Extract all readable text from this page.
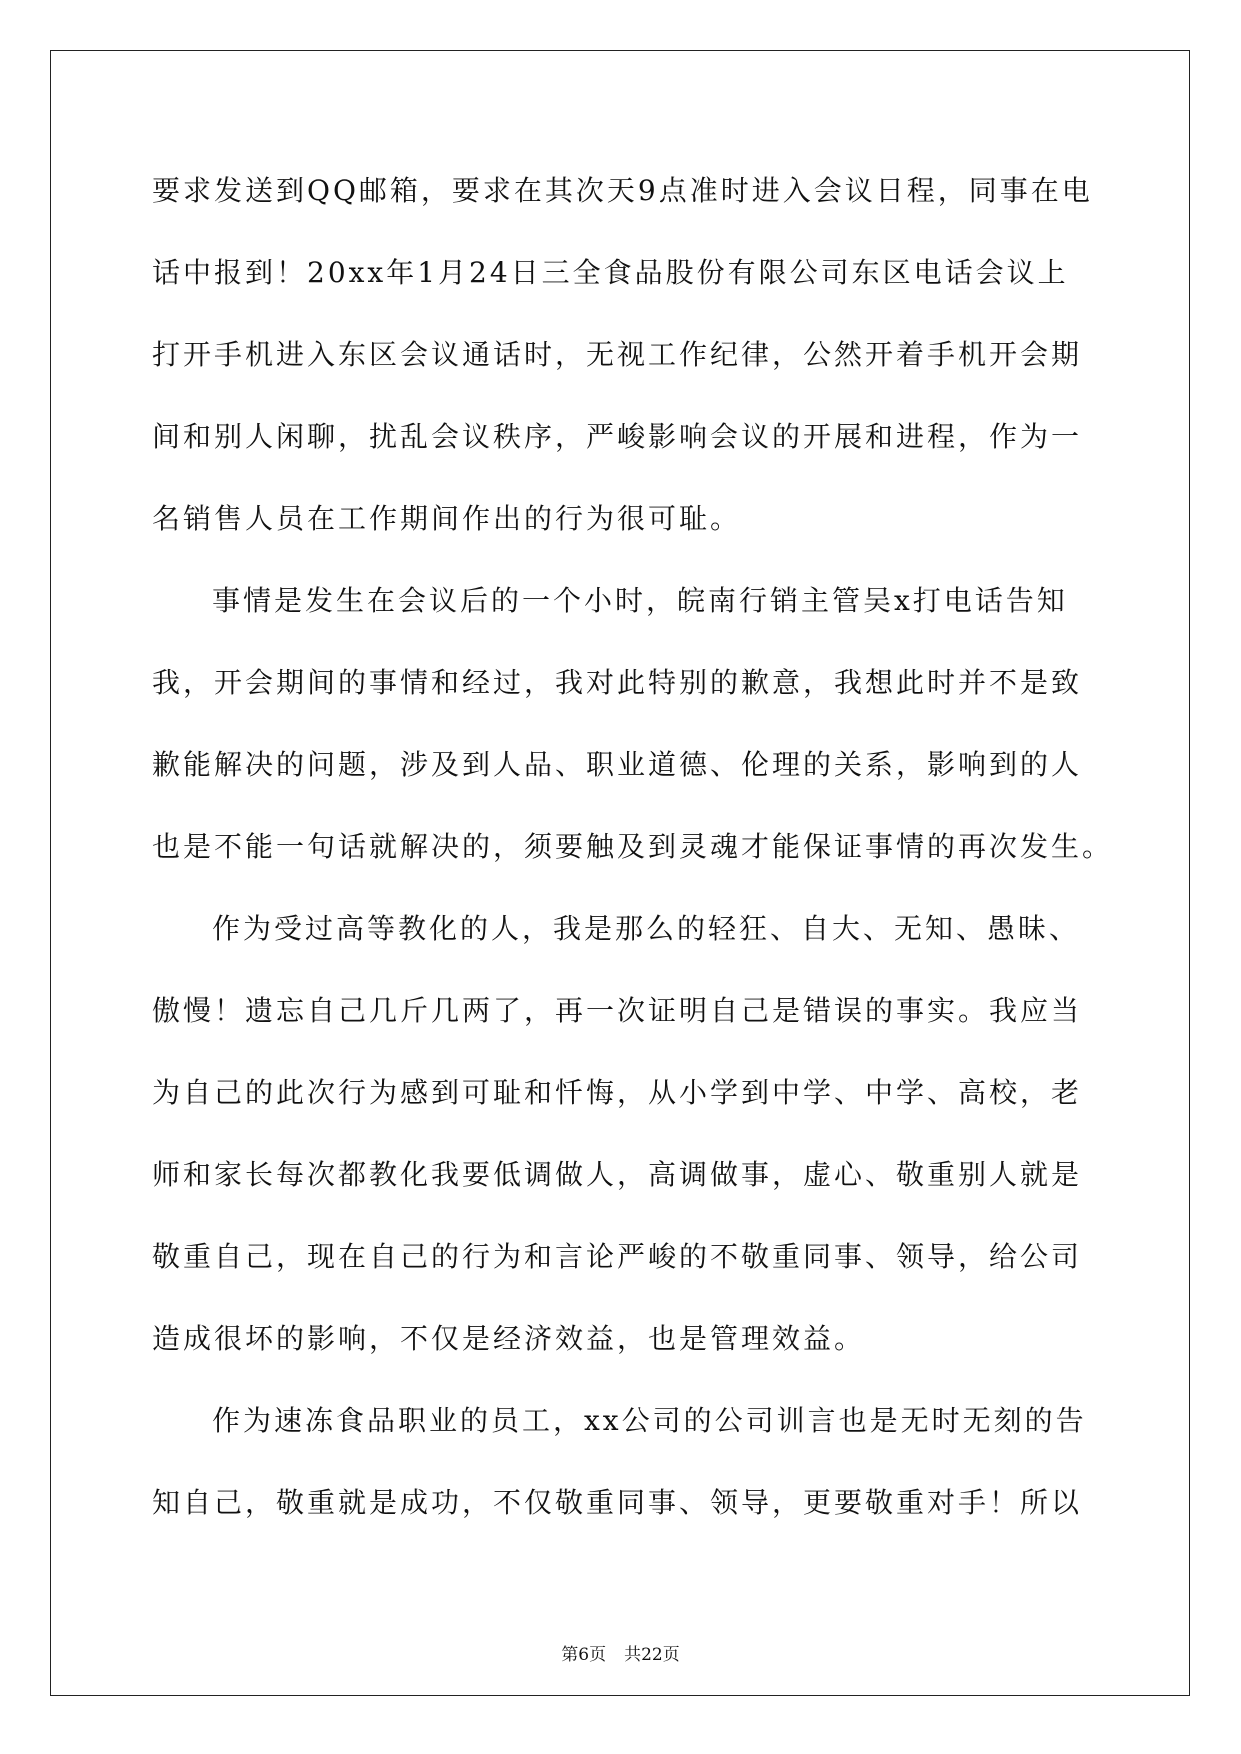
要求发送到QQ邮箱，要求在其次天9点准时进入会议日程，同事在电
话中报到！20xx年1月24日三全食品股份有限公司东区电话会议上
打开手机进入东区会议通话时，无视工作纪律，公然开着手机开会期
间和别人闲聊，扰乱会议秩序，严峻影响会议的开展和进程，作为一
名销售人员在工作期间作出的行为很可耻。
事情是发生在会议后的一个小时，皖南行销主管吴x打电话告知
我，开会期间的事情和经过，我对此特别的歉意，我想此时并不是致
歉能解决的问题，涉及到人品、职业道德、伦理的关系，影响到的人
也是不能一句话就解决的，须要触及到灵魂才能保证事情的再次发生。
作为受过高等教化的人，我是那么的轻狂、自大、无知、愚昧、
傲慢！遗忘自己几斤几两了，再一次证明自己是错误的事实。我应当
为自己的此次行为感到可耻和忏悔，从小学到中学、中学、高校，老
师和家长每次都教化我要低调做人，高调做事，虚心、敬重别人就是
敬重自己，现在自己的行为和言论严峻的不敬重同事、领导，给公司
造成很坏的影响，不仅是经济效益，也是管理效益。
作为速冻食品职业的员工，xx公司的公司训言也是无时无刻的告
知自己，敬重就是成功，不仅敬重同事、领导，更要敬重对手！所以
第6页 共22页
